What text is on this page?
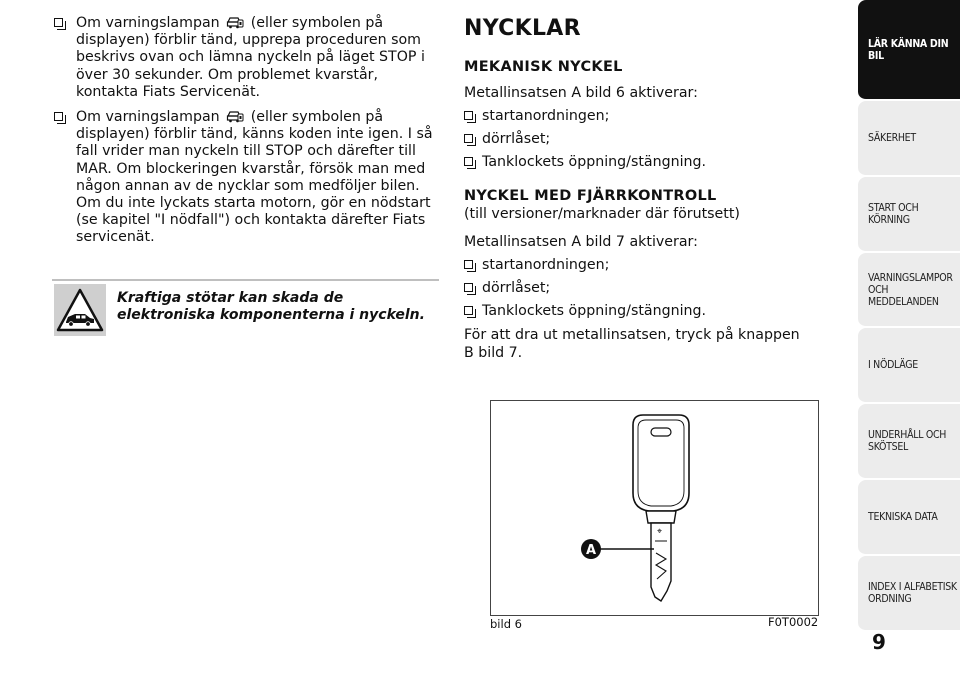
Om varningslampan (eller symbolen på displayen) förblir tänd, upprepa proceduren som beskrivs ovan och lämna nyckeln på läget STOP i över 30 sekunder. Om problemet kvarstår, kontakta Fiats Servicenät.
Om varningslampan (eller symbolen på displayen) förblir tänd, känns koden inte igen. I så fall vrider man nyckeln till STOP och därefter till MAR. Om blockeringen kvarstår, försök man med någon annan av de nycklar som medföljer bilen. Om du inte lyckats starta motorn, gör en nödstart (se kapitel "I nödfall") och kontakta därefter Fiats servicenät.
Kraftiga stötar kan skada de elektroniska komponenterna i nyckeln.
NYCKLAR
MEKANISK NYCKEL
Metallinsatsen A bild 6 aktiverar:
startanordningen;
dörrlåset;
Tanklockets öppning/stängning.
NYCKEL MED FJÄRRKONTROLL
(till versioner/marknader där förutsett)
Metallinsatsen A bild 7 aktiverar:
startanordningen;
dörrlåset;
Tanklockets öppning/stängning.
För att dra ut metallinsatsen, tryck på knappen B bild 7.
⌖
A
bild 6	F0T0002
LÄR KÄNNA DIN
BIL
SÄKERHET
START OCH
KÖRNING
VARNINGSLAMPOR
OCH
MEDDELANDEN
I NÖDLÄGE
UNDERHÅLL OCH
SKÖTSEL
TEKNISKA DATA
INDEX I ALFABETISK
ORDNING
9
